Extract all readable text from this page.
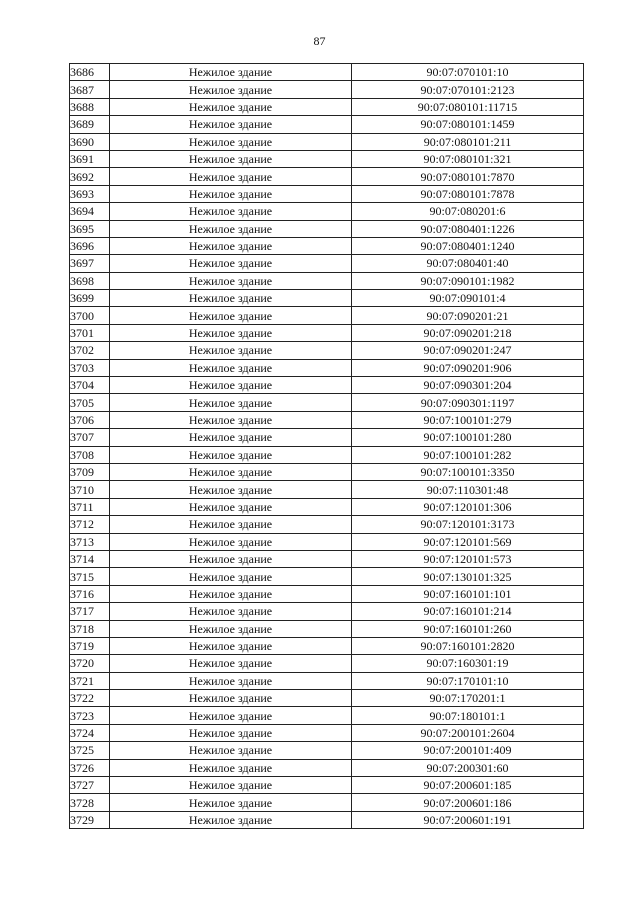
87
3686	Нежилое здание	90:07:070101:10
3687	Нежилое здание	90:07:070101:2123
3688	Нежилое здание	90:07:080101:11715
3689	Нежилое здание	90:07:080101:1459
3690	Нежилое здание	90:07:080101:211
3691	Нежилое здание	90:07:080101:321
3692	Нежилое здание	90:07:080101:7870
3693	Нежилое здание	90:07:080101:7878
3694	Нежилое здание	90:07:080201:6
3695	Нежилое здание	90:07:080401:1226
3696	Нежилое здание	90:07:080401:1240
3697	Нежилое здание	90:07:080401:40
3698	Нежилое здание	90:07:090101:1982
3699	Нежилое здание	90:07:090101:4
3700	Нежилое здание	90:07:090201:21
3701	Нежилое здание	90:07:090201:218
3702	Нежилое здание	90:07:090201:247
3703	Нежилое здание	90:07:090201:906
3704	Нежилое здание	90:07:090301:204
3705	Нежилое здание	90:07:090301:1197
3706	Нежилое здание	90:07:100101:279
3707	Нежилое здание	90:07:100101:280
3708	Нежилое здание	90:07:100101:282
3709	Нежилое здание	90:07:100101:3350
3710	Нежилое здание	90:07:110301:48
3711	Нежилое здание	90:07:120101:306
3712	Нежилое здание	90:07:120101:3173
3713	Нежилое здание	90:07:120101:569
3714	Нежилое здание	90:07:120101:573
3715	Нежилое здание	90:07:130101:325
3716	Нежилое здание	90:07:160101:101
3717	Нежилое здание	90:07:160101:214
3718	Нежилое здание	90:07:160101:260
3719	Нежилое здание	90:07:160101:2820
3720	Нежилое здание	90:07:160301:19
3721	Нежилое здание	90:07:170101:10
3722	Нежилое здание	90:07:170201:1
3723	Нежилое здание	90:07:180101:1
3724	Нежилое здание	90:07:200101:2604
3725	Нежилое здание	90:07:200101:409
3726	Нежилое здание	90:07:200301:60
3727	Нежилое здание	90:07:200601:185
3728	Нежилое здание	90:07:200601:186
3729	Нежилое здание	90:07:200601:191
